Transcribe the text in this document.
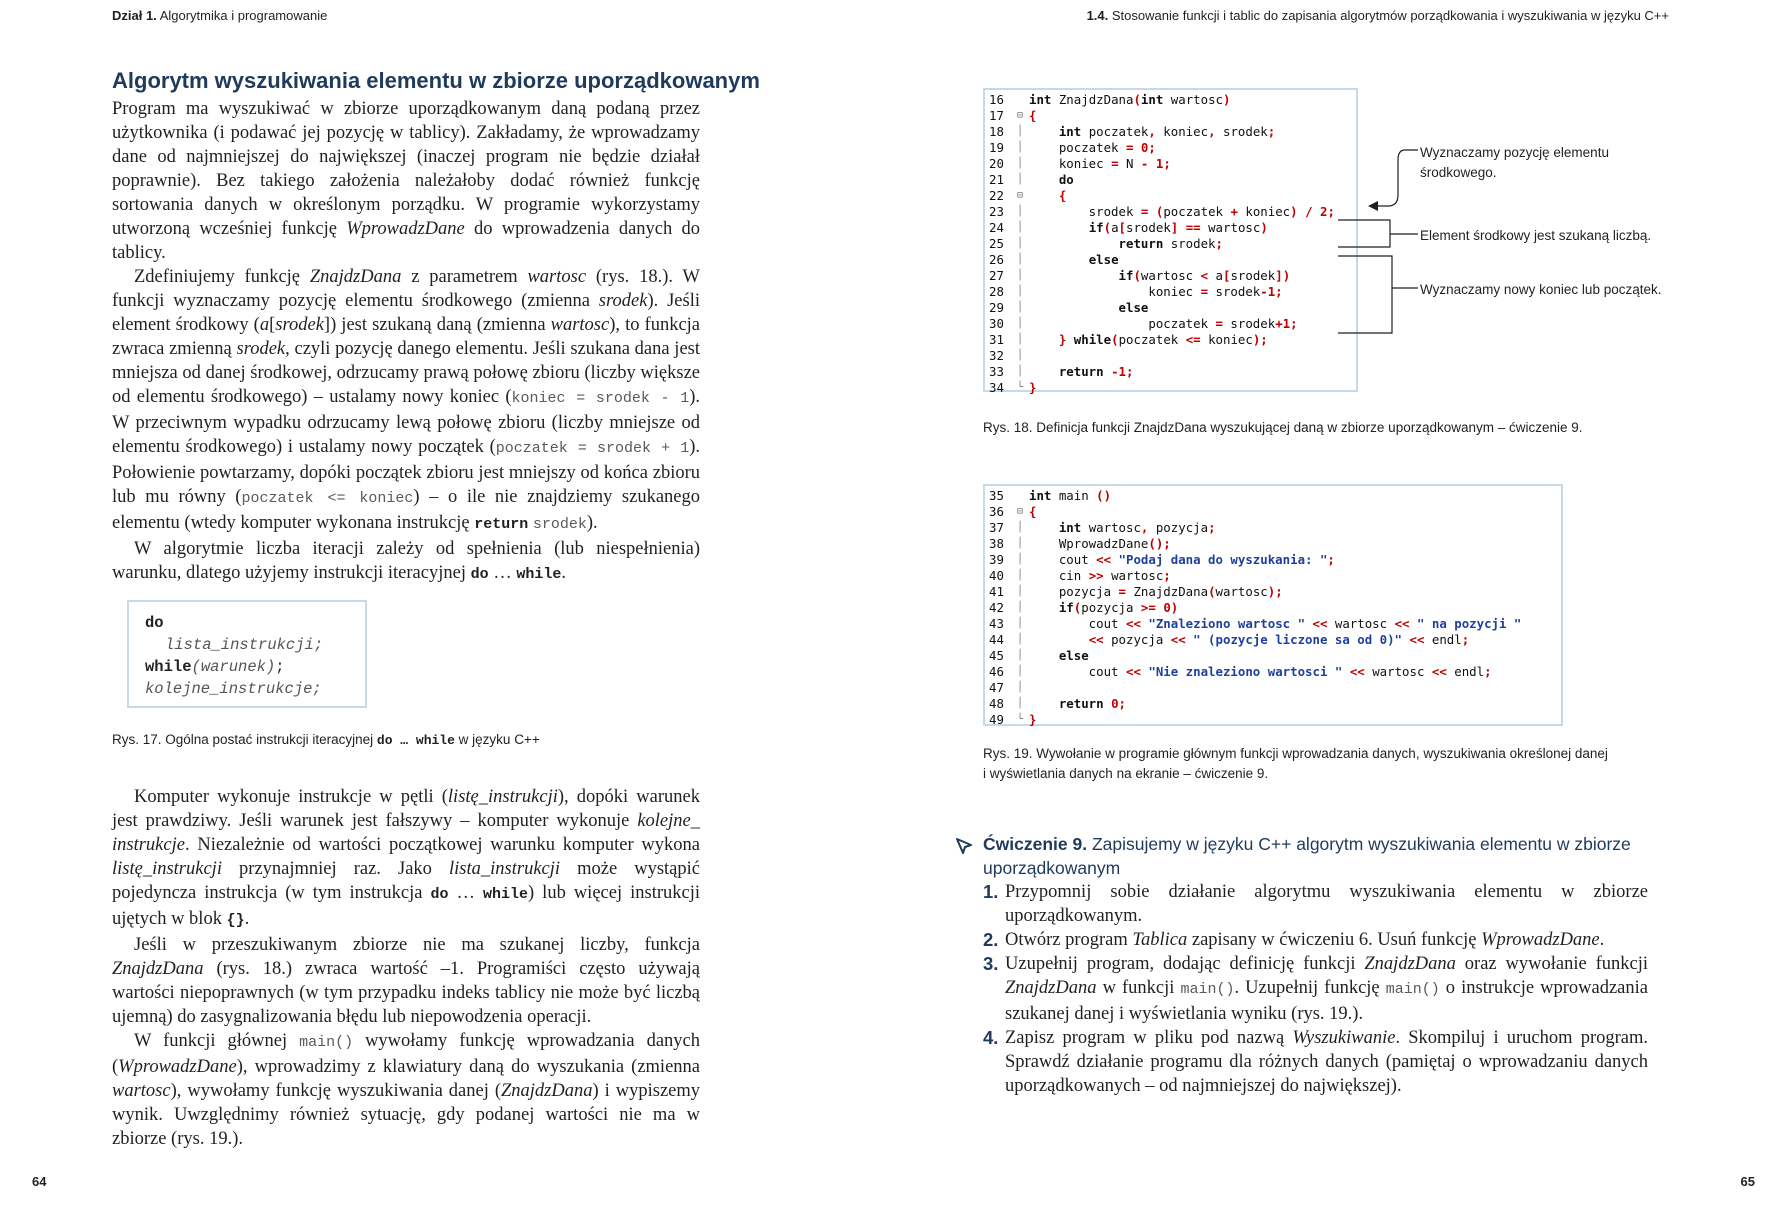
Dział 1. Algorytmika i programowanie
Algorytm wyszukiwania elementu w zbiorze uporządkowanym

Program ma wyszukiwać w zbiorze uporządkowanym daną podaną przez użytkownika (i podawać jej pozycję w tablicy). Zakładamy, że wprowadzamy dane od najmniejszej do największej (inaczej program nie będzie działał poprawnie). Bez takiego założenia należałoby dodać również funkcję sortowania danych w określonym porządku. W programie wykorzystamy utworzoną wcześniej funkcję WprowadzDane do wprowadzenia danych do tablicy.

Zdefiniujemy funkcję ZnajdzDana z parametrem wartosc (rys. 18.). W funkcji wyznaczamy pozycję elementu środkowego (zmienna srodek). Jeśli element środkowy (a[srodek]) jest szukaną daną (zmienna wartosc), to funkcja zwraca zmienną srodek, czyli pozycję danego elementu. Jeśli szukana dana jest mniejsza od danej środkowej, odrzucamy prawą połowę zbioru (liczby większe od elementu środkowego) – ustalamy nowy koniec (koniec = srodek - 1). W przeciwnym wypadku odrzucamy lewą połowę zbioru (liczby mniejsze od elementu środkowego) i ustalamy nowy początek (poczatek = srodek + 1). Połowienie powtarzamy, dopóki początek zbioru jest mniejszy od końca zbioru lub mu równy (poczatek <= koniec) – o ile nie znajdziemy szukanego elementu (wtedy komputer wykonana instrukcję return srodek).

W algorytmie liczba iteracji zależy od spełnienia (lub niespełnienia) warunku, dlatego użyjemy instrukcji iteracyjnej do … while.

do
lista_instrukcji;
while(warunek);
kolejne_instrukcje;
Rys. 17. Ogólna postać instrukcji iteracyjnej do … while w języku C++

Komputer wykonuje instrukcje w pętli (listę_instrukcji), dopóki warunek jest prawdziwy. Jeśli warunek jest fałszywy – komputer wykonuje kolejne_ instrukcje. Niezależnie od wartości początkowej warunku komputer wykona listę_instrukcji przynajmniej raz. Jako lista_instrukcji może wystąpić pojedyncza instrukcja (w tym instrukcja do … while) lub więcej instrukcji ujętych w blok {}.

Jeśli w przeszukiwanym zbiorze nie ma szukanej liczby, funkcja ZnajdzDana (rys. 18.) zwraca wartość –1. Programiści często używają wartości niepoprawnych (w tym przypadku indeks tablicy nie może być liczbą ujemną) do zasygnalizowania błędu lub niepowodzenia operacji.

W funkcji głównej main() wywołamy funkcję wprowadzania danych (WprowadzDane), wprowadzimy z klawiatury daną do wyszukania (zmienna wartosc), wywołamy funkcję wyszukiwania danej (ZnajdzDana) i wypiszemy wynik. Uwzględnimy również sytuację, gdy podanej wartości nie ma w zbiorze (rys. 19.).

64
1.4. Stosowanie funkcji i tablic do zapisania algorytmów porządkowania i wyszukiwania w języku C++
65
16	int ZnajdzDana(int wartosc)
17	⊟ {
18	│	int poczatek, koniec, srodek;
19	│ poczatek = 0;
20	│ koniec = N - 1;
21	│	do
22	⊟	{
23	│ srodek = (poczatek + koniec) / 2;
24	│	if(a[srodek] == wartosc)
25	│	return srodek;
26	│	else
27	│	if(wartosc < a[srodek])
28	│ koniec = srodek-1;
29	│	else
30	│ poczatek = srodek+1;
31	│	} while(poczatek <= koniec);
32	│
33	│	return -1;
34	└ }
Wyznaczamy pozycję elementu środkowego.
Element środkowy jest szukaną liczbą.
Wyznaczamy nowy koniec lub początek.
Rys. 18. Definicja funkcji ZnajdzDana wyszukującej daną w zbiorze uporządkowanym – ćwiczenie 9.
35	int main ()
36	⊟ {
37	│	int wartosc, pozycja;
38	│ WprowadzDane();
39	│ cout << "Podaj dana do wyszukania: ";
40	│ cin >> wartosc;
41	│ pozycja = ZnajdzDana(wartosc);
42	│	if(pozycja >= 0)
43	│ cout << "Znaleziono wartosc " << wartosc << " na pozycji "
44	│	<< pozycja << " (pozycje liczone sa od 0)" << endl;
45	│	else
46	│ cout << "Nie znaleziono wartosci " << wartosc << endl;
47	│
48	│	return 0;
49	└ }
Rys. 19. Wywołanie w programie głównym funkcji wprowadzania danych, wyszukiwania określonej danej
i wyświetlania danych na ekranie – ćwiczenie 9.
Ćwiczenie 9. Zapisujemy w języku C++ algorytm wyszukiwania elementu w zbiorze uporządkowanym
1. Przypomnij sobie działanie algorytmu wyszukiwania elementu w zbiorze uporządkowanym.
2. Otwórz program Tablica zapisany w ćwiczeniu 6. Usuń funkcję WprowadzDane.
3. Uzupełnij program, dodając definicję funkcji ZnajdzDana oraz wywołanie funkcji ZnajdzDana w funkcji main(). Uzupełnij funkcję main() o instrukcje wprowadzania szukanej danej i wyświetlania wyniku (rys. 19.).
4. Zapisz program w pliku pod nazwą Wyszukiwanie. Skompiluj i uruchom program. Sprawdź działanie programu dla różnych danych (pamiętaj o wprowadzaniu danych uporządkowanych – od najmniejszej do największej).
